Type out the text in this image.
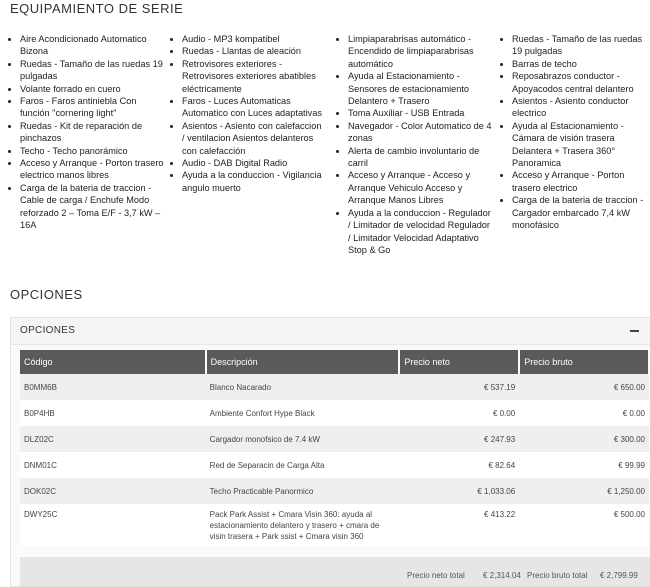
EQUIPAMIENTO DE SERIE
• Aire Acondicionado Automatico Bizona
• Ruedas - Tamaño de las ruedas 19 pulgadas
• Volante forrado en cuero
• Faros - Faros antiniebla Con función "cornering light"
• Ruedas - Kit de reparación de pinchazos
• Techo - Techo panorámico
• Acceso y Arranque - Porton trasero electrico manos libres
• Carga de la bateria de traccion - Cable de carga / Enchufe Modo reforzado 2 – Toma E/F - 3,7 kW – 16A
• Audio - MP3 kompatibel
• Ruedas - Llantas de aleación
• Retrovisores exteriores - Retrovisores exteriores abatibles eléctricamente
• Faros - Luces Automaticas Automatico con Luces adaptativas
• Asientos - Asiento con calefaccion / ventilacion Asientos delanteros con calefacción
• Audio - DAB Digital Radio
• Ayuda a la conduccion - Vigilancia angulo muerto
• Limpiaparabrisas automático - Encendido de limpiaparabrisas automático
• Ayuda al Estacionamiento - Sensores de estacionamiento Delantero + Trasero
• Toma Auxiliar - USB Entrada
• Navegador - Color Automatico de 4 zonas
• Alerta de cambio involuntario de carril
• Acceso y Arranque - Acceso y Arranque Vehiculo Acceso y Arranque Manos Libres
• Ayuda a la conduccion - Regulador / Limitador de velocidad Regulador / Limitador Velocidad Adaptativo Stop & Go
• Ruedas - Tamaño de las ruedas 19 pulgadas
• Barras de techo
• Reposabrazos conductor - Apoyacodos central delantero
• Asientos - Asiento conductor electrico
• Ayuda al Estacionamiento - Cámara de visión trasera Delantera + Trasera 360° Panoramica
• Acceso y Arranque - Porton trasero electrico
• Carga de la bateria de traccion - Cargador embarcado 7,4 kW monofásico
OPCIONES
OPCIONES
Código	Descripción	Precio neto	Precio bruto
B0MM6B	Blanco Nacarado	€ 537.19	€ 650.00
B0P4HB	Ambiente Confort Hype Black	€ 0.00	€ 0.00
DLZ02C	Cargador monofsico de 7.4 kW	€ 247.93	€ 300.00
DNM01C	Red de Separacin de Carga Alta	€ 82.64	€ 99.99
DOK02C	Techo Practicable Panormico	€ 1,033.06	€ 1,250.00
DWY25C	Pack Park Assist + Cmara Visin 360: ayuda al estacionamiento delantero y trasero + cmara de visin trasera + Park ssist + Cmara visin 360	€ 413.22	€ 500.00
Precio neto total € 2,314.04 Precio bruto total € 2,799.99
